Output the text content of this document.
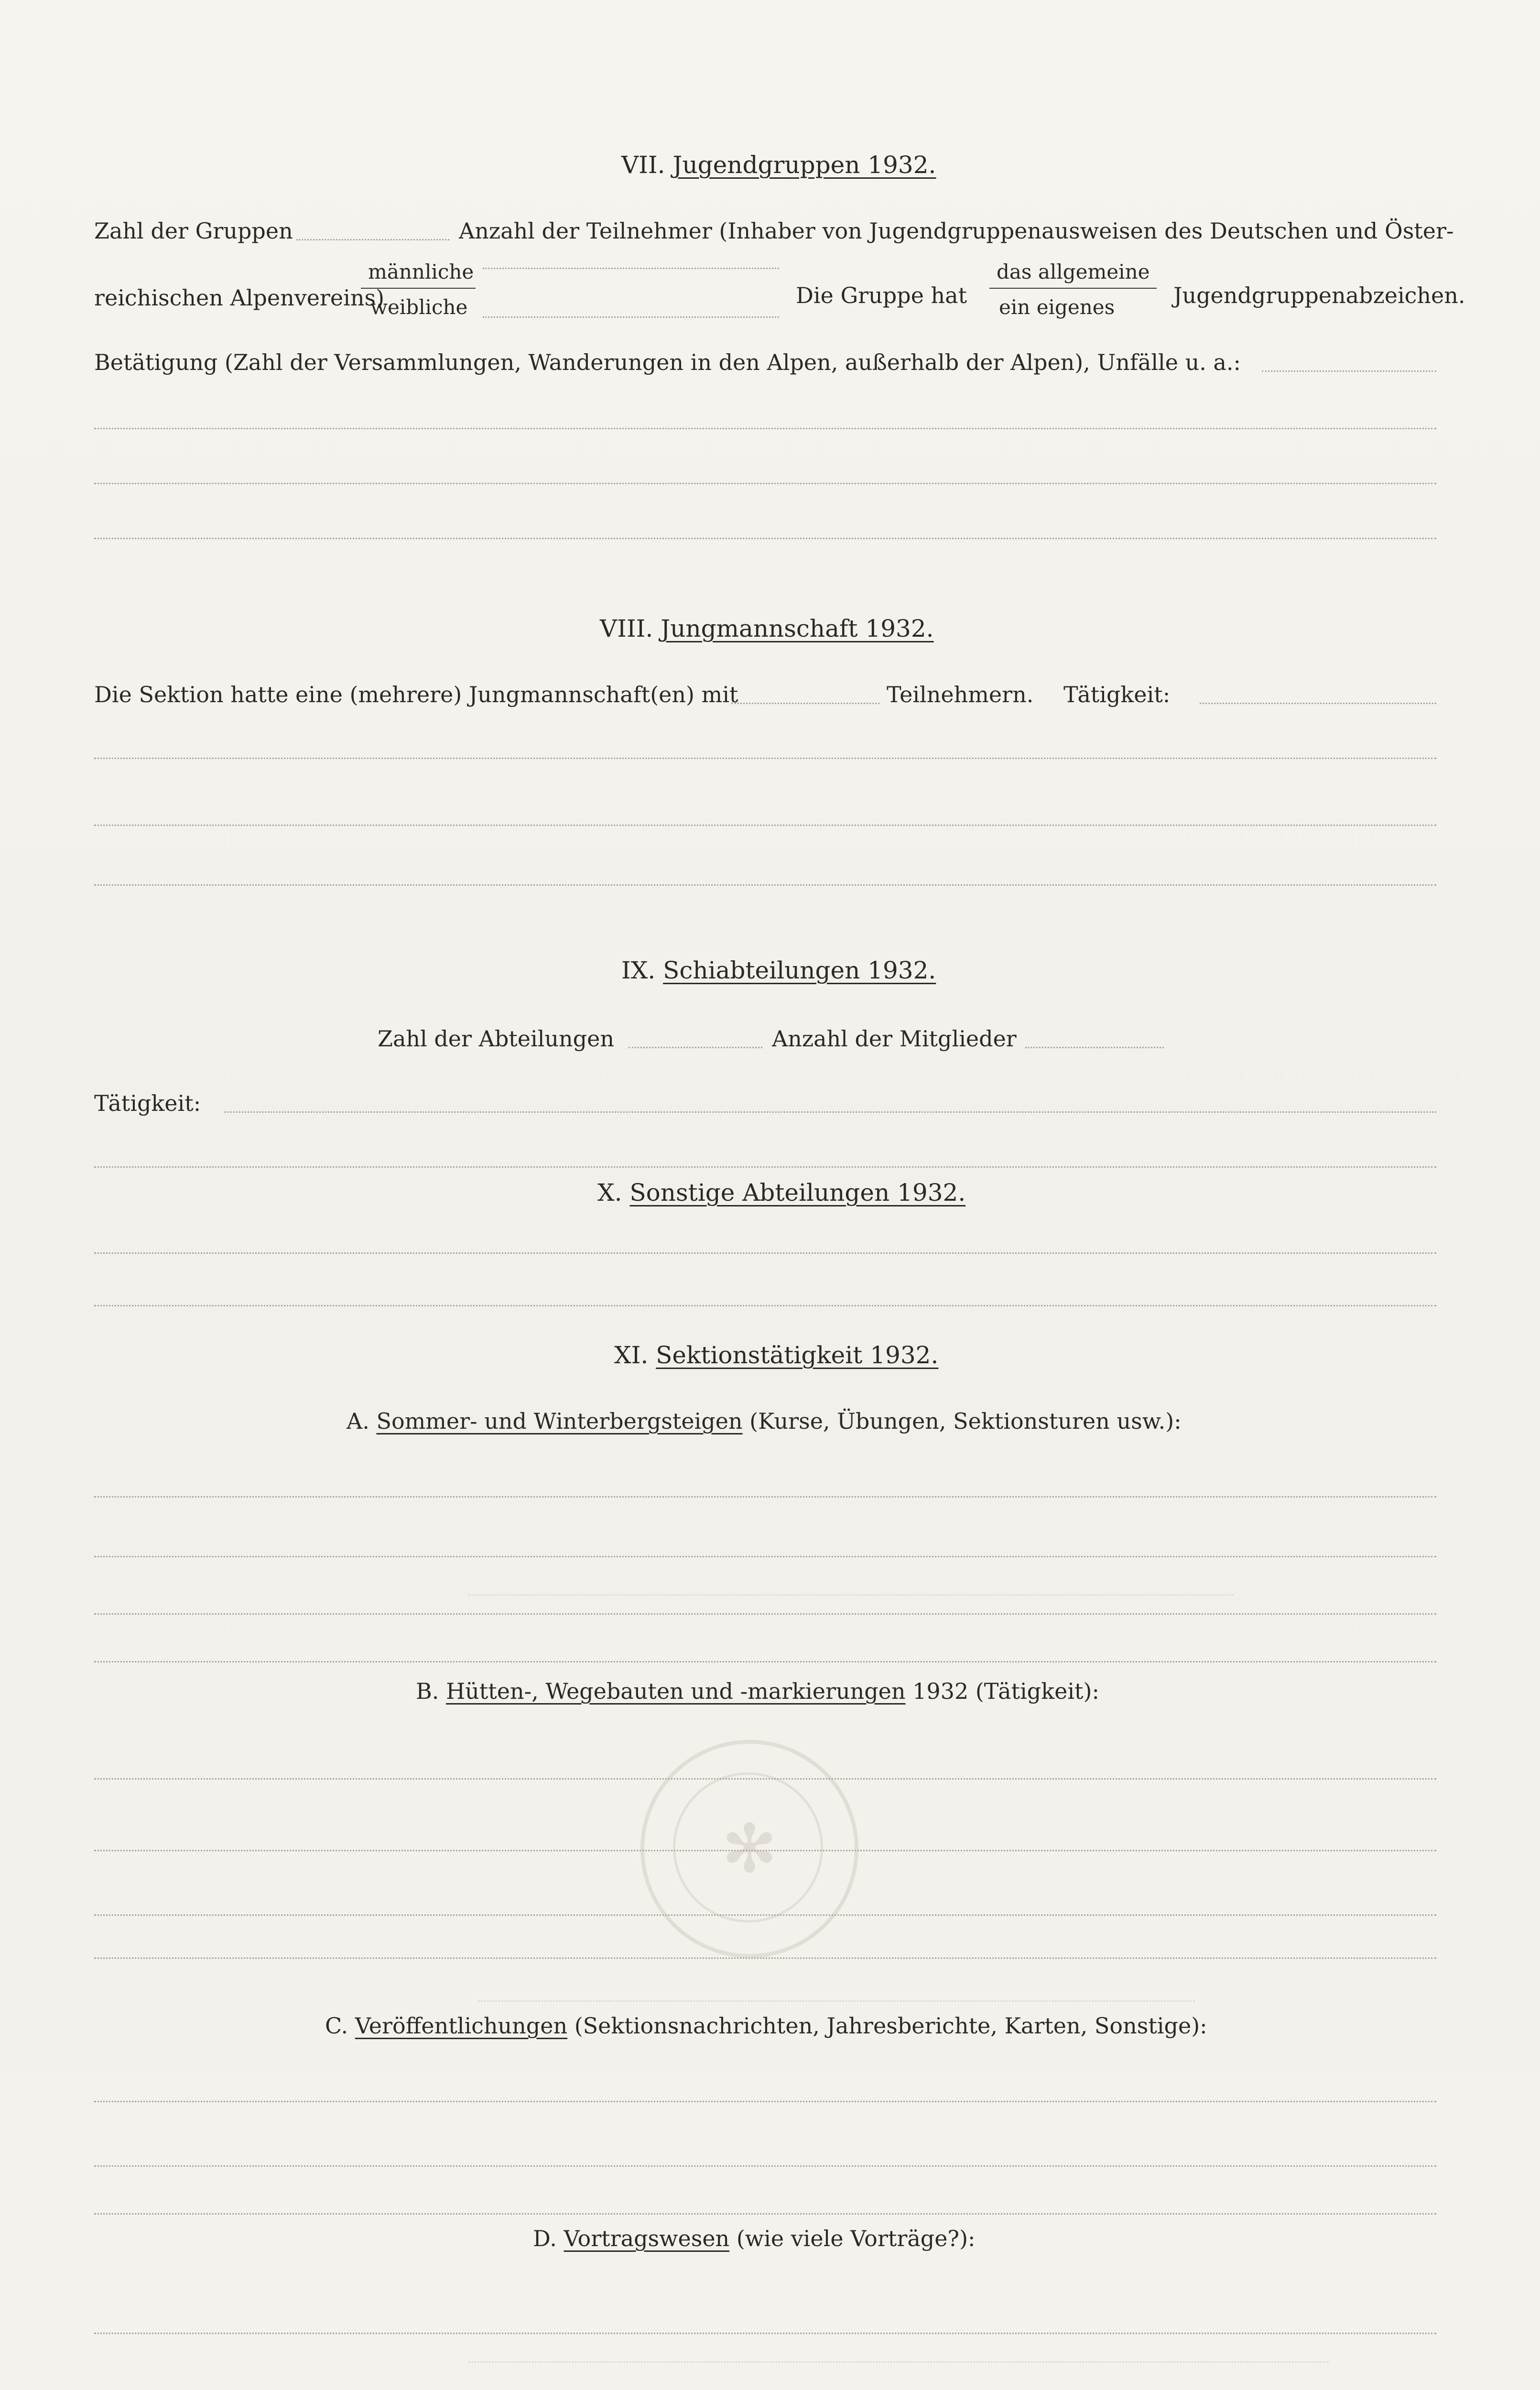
✻
VII. Jugendgruppen 1932.
Zahl der Gruppen	Anzahl der Teilnehmer (Inhaber von Jugendgruppenausweisen des Deutschen und Öster-
reichischen Alpenvereins)
männliche
weibliche	Die Gruppe hat
das allgemeine
ein eigenes	Jugendgruppenabzeichen.
Betätigung (Zahl der Versammlungen, Wanderungen in den Alpen, außerhalb der Alpen), Unfälle u. a.:
VIII. Jungmannschaft 1932.
Die Sektion hatte eine (mehrere) Jungmannschaft(en) mit	Teilnehmern. Tätigkeit:
IX. Schiabteilungen 1932.
Zahl der Abteilungen	Anzahl der Mitglieder
Tätigkeit:
X. Sonstige Abteilungen 1932.
XI. Sektionstätigkeit 1932.
A. Sommer- und Winterbergsteigen (Kurse, Übungen, Sektionsturen usw.):
B. Hütten-, Wegebauten und -markierungen 1932 (Tätigkeit):
C. Veröffentlichungen (Sektionsnachrichten, Jahresberichte, Karten, Sonstige):
D. Vortragswesen (wie viele Vorträge?):
